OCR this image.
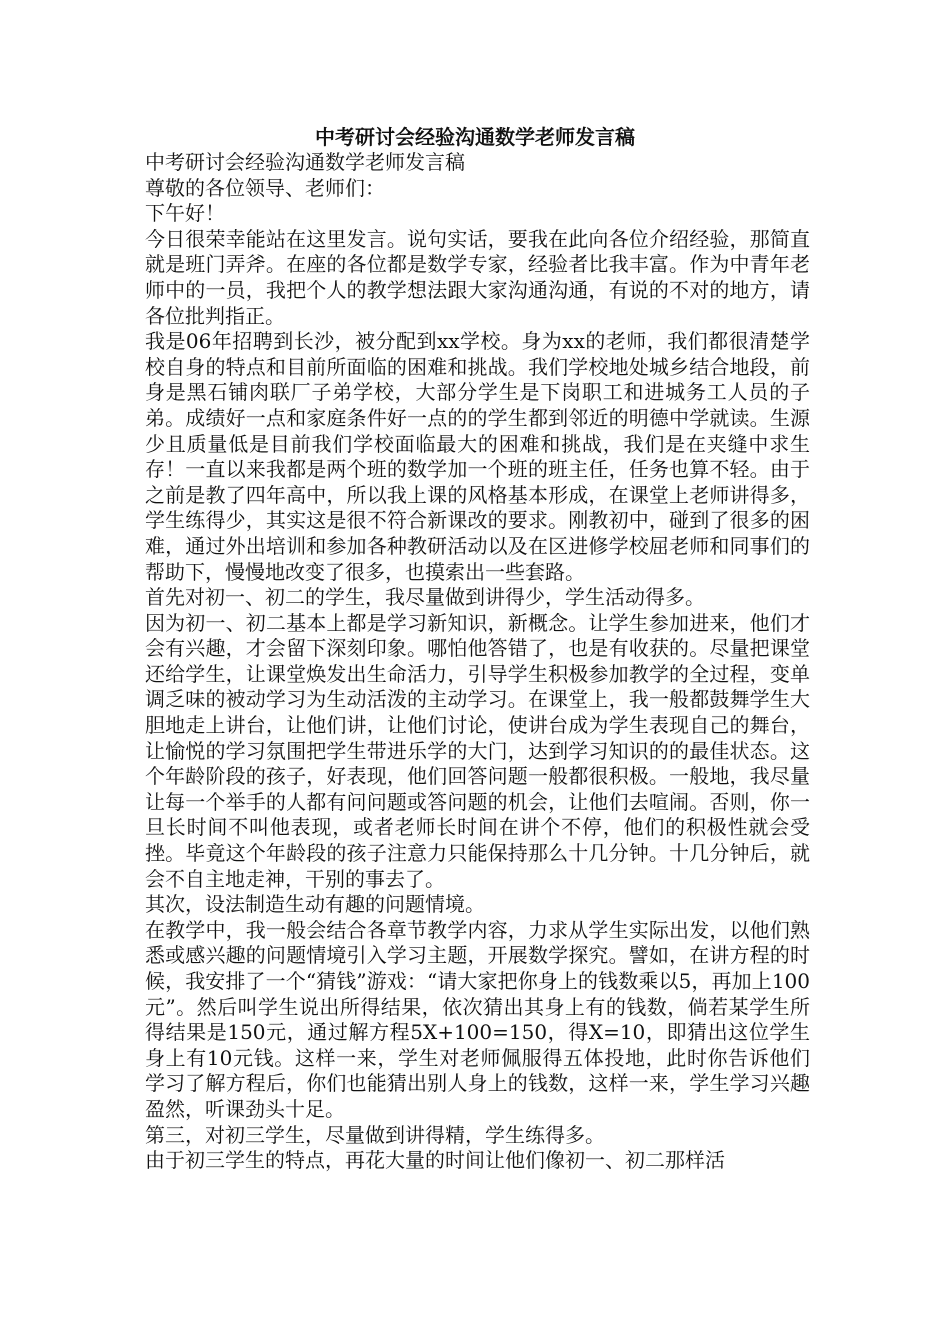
中考研讨会经验沟通数学老师发言稿

中考研讨会经验沟通数学老师发言稿

尊敬的各位领导、老师们：

下午好！

今日很荣幸能站在这里发言。说句实话，要我在此向各位介绍经验，那简直就是班门弄斧。在座的各位都是数学专家，经验者比我丰富。作为中青年老师中的一员，我把个人的教学想法跟大家沟通沟通，有说的不对的地方，请各位批判指正。

我是06年招聘到长沙，被分配到xx学校。身为xx的老师，我们都很清楚学校自身的特点和目前所面临的困难和挑战。我们学校地处城乡结合地段，前身是黑石铺肉联厂子弟学校，大部分学生是下岗职工和进城务工人员的子弟。成绩好一点和家庭条件好一点的的学生都到邻近的明德中学就读。生源少且质量低是目前我们学校面临最大的困难和挑战，我们是在夹缝中求生存！一直以来我都是两个班的数学加一个班的班主任，任务也算不轻。由于之前是教了四年高中，所以我上课的风格基本形成，在课堂上老师讲得多，学生练得少，其实这是很不符合新课改的要求。刚教初中，碰到了很多的困难，通过外出培训和参加各种教研活动以及在区进修学校屈老师和同事们的帮助下，慢慢地改变了很多，也摸索出一些套路。

首先对初一、初二的学生，我尽量做到讲得少，学生活动得多。

因为初一、初二基本上都是学习新知识，新概念。让学生参加进来，他们才会有兴趣，才会留下深刻印象。哪怕他答错了，也是有收获的。尽量把课堂还给学生，让课堂焕发出生命活力，引导学生积极参加教学的全过程，变单调乏味的被动学习为生动活泼的主动学习。在课堂上，我一般都鼓舞学生大胆地走上讲台，让他们讲，让他们讨论，使讲台成为学生表现自己的舞台，让愉悦的学习氛围把学生带进乐学的大门，达到学习知识的的最佳状态。这个年龄阶段的孩子，好表现，他们回答问题一般都很积极。一般地，我尽量让每一个举手的人都有问问题或答问题的机会，让他们去喧闹。否则，你一旦长时间不叫他表现，或者老师长时间在讲个不停，他们的积极性就会受挫。毕竟这个年龄段的孩子注意力只能保持那么十几分钟。十几分钟后，就会不自主地走神，干别的事去了。

其次，设法制造生动有趣的问题情境。

在教学中，我一般会结合各章节教学内容，力求从学生实际出发，以他们熟悉或感兴趣的问题情境引入学习主题，开展数学探究。譬如，在讲方程的时候，我安排了一个“猜钱”游戏：“请大家把你身上的钱数乘以5，再加上100元”。然后叫学生说出所得结果，依次猜出其身上有的钱数，倘若某学生所得结果是150元，通过解方程5X+100=150，得X=10，即猜出这位学生身上有10元钱。这样一来，学生对老师佩服得五体投地，此时你告诉他们学习了解方程后，你们也能猜出别人身上的钱数，这样一来，学生学习兴趣盈然，听课劲头十足。

第三，对初三学生，尽量做到讲得精，学生练得多。

由于初三学生的特点，再花大量的时间让他们像初一、初二那样活
